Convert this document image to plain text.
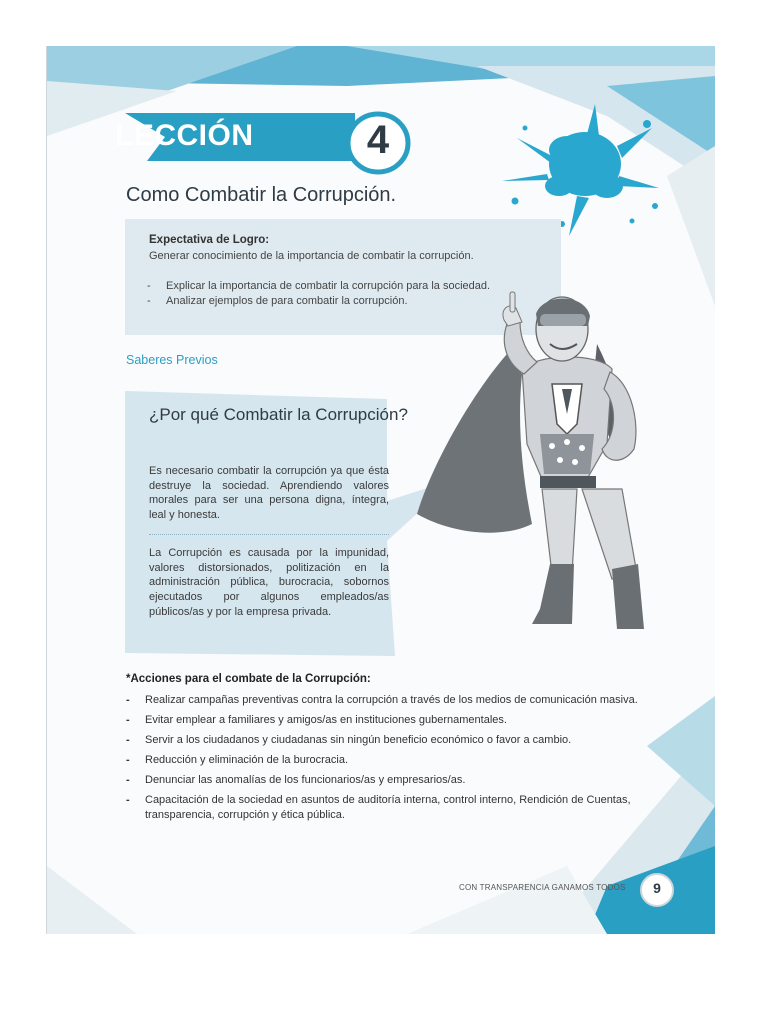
LECCIÓN	4
Como Combatir la Corrupción.
Expectativa de Logro:
Generar conocimiento de la importancia de combatir la corrupción.
- Explicar la importancia de combatir la corrupción para la sociedad.
- Analizar ejemplos de para combatir la corrupción.
Saberes Previos
¿Por qué Combatir la Corrupción?
Es necesario combatir la corrupción ya que ésta destruye la sociedad. Aprendiendo valores morales para ser una persona digna, íntegra, leal y honesta.
La Corrupción es causada por la impunidad, valores distorsionados, politización en la administración pública, burocracia, sobornos ejecutados por algunos empleados/as públicos/as y por la empresa privada.
*Acciones para el combate de la Corrupción:
- Realizar campañas preventivas contra la corrupción a través de los medios de comunicación masiva.
- Evitar emplear a familiares y amigos/as en instituciones gubernamentales.
- Servir a los ciudadanos y ciudadanas sin ningún beneficio económico o favor a cambio.
- Reducción y eliminación de la burocracia.
- Denunciar las anomalías de los funcionarios/as y empresarios/as.
- Capacitación de la sociedad en asuntos de auditoría interna, control interno, Rendición de Cuentas, transparencia, corrupción y ética pública.
CON TRANSPARENCIA GANAMOS TODOS	9
